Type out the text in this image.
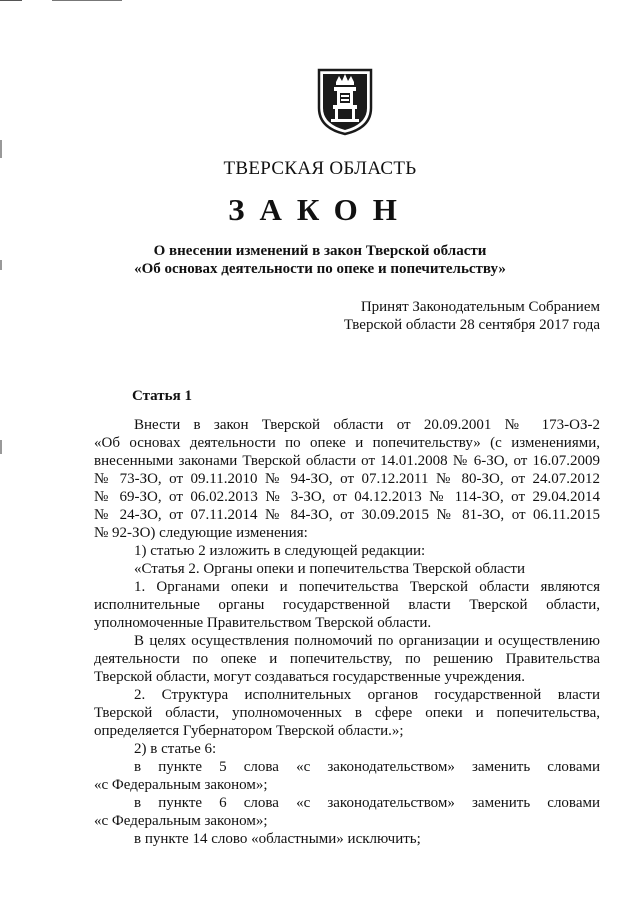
ТВЕРСКАЯ ОБЛАСТЬ
ЗАКОН
О внесении изменений в закон Тверской области
«Об основах деятельности по опеке и попечительству»
Принят Законодательным Собранием
Тверской области 28 сентября 2017 года
Статья 1
Внести в закон Тверской области от 20.09.2001 № 173-ОЗ-2
«Об основах деятельности по опеке и попечительству» (с изменениями,
внесенными законами Тверской области от 14.01.2008 № 6-ЗО, от 16.07.2009
№ 73-ЗО, от 09.11.2010 № 94-ЗО, от 07.12.2011 № 80-ЗО, от 24.07.2012
№ 69-ЗО, от 06.02.2013 № 3-ЗО, от 04.12.2013 № 114-ЗО, от 29.04.2014
№ 24-ЗО, от 07.11.2014 № 84-ЗО, от 30.09.2015 № 81-ЗО, от 06.11.2015
№ 92-ЗО) следующие изменения:
1) статью 2 изложить в следующей редакции:
«Статья 2. Органы опеки и попечительства Тверской области
1. Органами опеки и попечительства Тверской области являются
исполнительные органы государственной власти Тверской области,
уполномоченные Правительством Тверской области.
В целях осуществления полномочий по организации и осуществлению
деятельности по опеке и попечительству, по решению Правительства
Тверской области, могут создаваться государственные учреждения.
2. Структура исполнительных органов государственной власти
Тверской области, уполномоченных в сфере опеки и попечительства,
определяется Губернатором Тверской области.»;
2) в статье 6:
в пункте 5 слова «с законодательством» заменить словами
«с Федеральным законом»;
в пункте 6 слова «с законодательством» заменить словами
«с Федеральным законом»;
в пункте 14 слово «областными» исключить;
